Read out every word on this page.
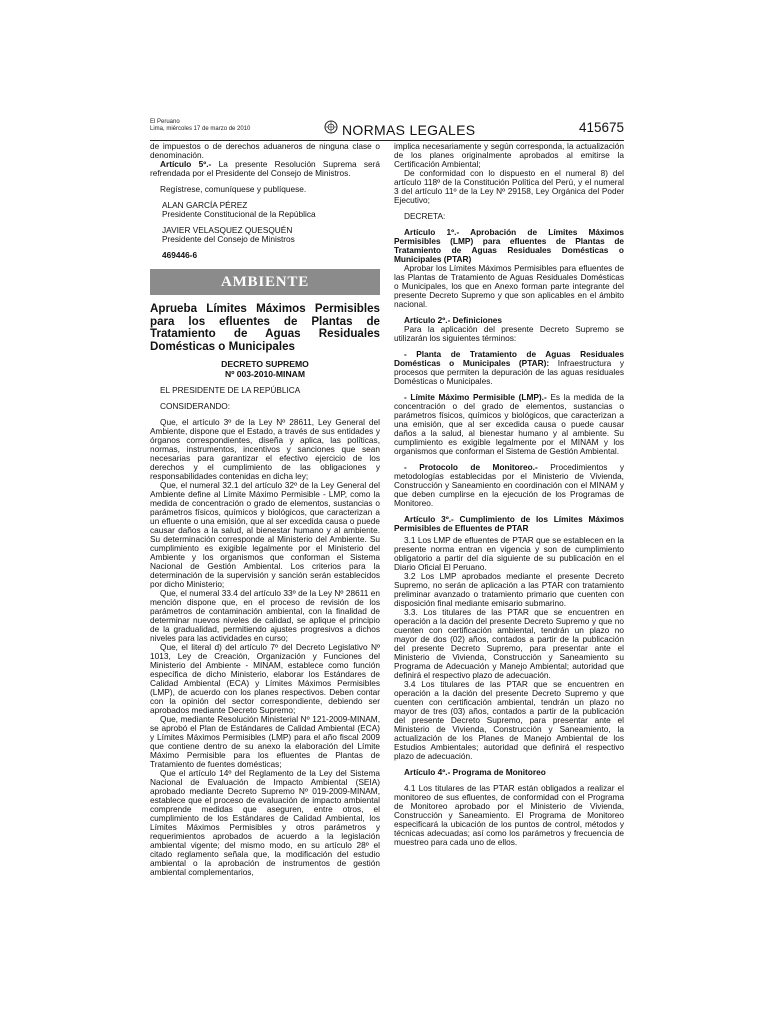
El Peruano
Lima, miércoles 17 de marzo de 2010	NORMAS LEGALES	415675

de impuestos o de derechos aduaneros de ninguna clase o denominación.

Artículo 5º.- La presente Resolución Suprema será refrendada por el Presidente del Consejo de Ministros.

Regístrese, comuníquese y publíquese.

ALAN GARCÍA PÉREZ

Presidente Constitucional de la República

JAVIER VELASQUEZ QUESQUÉN

Presidente del Consejo de Ministros

469446-6

AMBIENTE

Aprueba Límites Máximos Permisibles para los efluentes de Plantas de Tratamiento de Aguas Residuales Domésticas o Municipales

DECRETO SUPREMO

Nº 003-2010-MINAM

EL PRESIDENTE DE LA REPÚBLICA

CONSIDERANDO:

Que, el artículo 3º de la Ley Nº 28611, Ley General del Ambiente, dispone que el Estado, a través de sus entidades y órganos correspondientes, diseña y aplica, las políticas, normas, instrumentos, incentivos y sanciones que sean necesarias para garantizar el efectivo ejercicio de los derechos y el cumplimiento de las obligaciones y responsabilidades contenidas en dicha ley;

Que, el numeral 32.1 del artículo 32º de la Ley General del Ambiente define al Límite Máximo Permisible - LMP, como la medida de concentración o grado de elementos, sustancias o parámetros físicos, químicos y biológicos, que caracterizan a un efluente o una emisión, que al ser excedida causa o puede causar daños a la salud, al bienestar humano y al ambiente. Su determinación corresponde al Ministerio del Ambiente. Su cumplimiento es exigible legalmente por el Ministerio del Ambiente y los organismos que conforman el Sistema Nacional de Gestión Ambiental. Los criterios para la determinación de la supervisión y sanción serán establecidos por dicho Ministerio;

Que, el numeral 33.4 del artículo 33º de la Ley Nº 28611 en mención dispone que, en el proceso de revisión de los parámetros de contaminación ambiental, con la finalidad de determinar nuevos niveles de calidad, se aplique el principio de la gradualidad, permitiendo ajustes progresivos a dichos niveles para las actividades en curso;

Que, el literal d) del artículo 7º del Decreto Legislativo Nº 1013, Ley de Creación, Organización y Funciones del Ministerio del Ambiente - MINAM, establece como función específica de dicho Ministerio, elaborar los Estándares de Calidad Ambiental (ECA) y Límites Máximos Permisibles (LMP), de acuerdo con los planes respectivos. Deben contar con la opinión del sector correspondiente, debiendo ser aprobados mediante Decreto Supremo;

Que, mediante Resolución Ministerial Nº 121-2009-MINAM, se aprobó el Plan de Estándares de Calidad Ambiental (ECA) y Límites Máximos Permisibles (LMP) para el año fiscal 2009 que contiene dentro de su anexo la elaboración del Límite Máximo Permisible para los efluentes de Plantas de Tratamiento de fuentes domésticas;

Que el artículo 14º del Reglamento de la Ley del Sistema Nacional de Evaluación de Impacto Ambiental (SEIA) aprobado mediante Decreto Supremo Nº 019-2009-MINAM, establece que el proceso de evaluación de impacto ambiental comprende medidas que aseguren, entre otros, el cumplimiento de los Estándares de Calidad Ambiental, los Límites Máximos Permisibles y otros parámetros y requerimientos aprobados de acuerdo a la legislación ambiental vigente; del mismo modo, en su artículo 28º el citado reglamento señala que, la modificación del estudio ambiental o la aprobación de instrumentos de gestión ambiental complementarios,

implica necesariamente y según corresponda, la actualización de los planes originalmente aprobados al emitirse la Certificación Ambiental;

De conformidad con lo dispuesto en el numeral 8) del artículo 118º de la Constitución Política del Perú, y el numeral 3 del artículo 11º de la Ley Nº 29158, Ley Orgánica del Poder Ejecutivo;

DECRETA:

Artículo 1º.- Aprobación de Límites Máximos Permisibles (LMP) para efluentes de Plantas de Tratamiento de Aguas Residuales Domésticas o Municipales (PTAR)

Aprobar los Límites Máximos Permisibles para efluentes de las Plantas de Tratamiento de Aguas Residuales Domésticas o Municipales, los que en Anexo forman parte integrante del presente Decreto Supremo y que son aplicables en el ámbito nacional.

Artículo 2º.- Definiciones

Para la aplicación del presente Decreto Supremo se utilizarán los siguientes términos:

- Planta de Tratamiento de Aguas Residuales Domésticas o Municipales (PTAR): Infraestructura y procesos que permiten la depuración de las aguas residuales Domésticas o Municipales.

- Límite Máximo Permisible (LMP).- Es la medida de la concentración o del grado de elementos, sustancias o parámetros físicos, químicos y biológicos, que caracterizan a una emisión, que al ser excedida causa o puede causar daños a la salud, al bienestar humano y al ambiente. Su cumplimiento es exigible legalmente por el MINAM y los organismos que conforman el Sistema de Gestión Ambiental.

- Protocolo de Monitoreo.- Procedimientos y metodologías establecidas por el Ministerio de Vivienda, Construcción y Saneamiento en coordinación con el MINAM y que deben cumplirse en la ejecución de los Programas de Monitoreo.

Artículo 3º.- Cumplimiento de los Límites Máximos Permisibles de Efluentes de PTAR

3.1 Los LMP de efluentes de PTAR que se establecen en la presente norma entran en vigencia y son de cumplimiento obligatorio a partir del día siguiente de su publicación en el Diario Oficial El Peruano.

3.2 Los LMP aprobados mediante el presente Decreto Supremo, no serán de aplicación a las PTAR con tratamiento preliminar avanzado o tratamiento primario que cuenten con disposición final mediante emisario submarino.

3.3. Los titulares de las PTAR que se encuentren en operación a la dación del presente Decreto Supremo y que no cuenten con certificación ambiental, tendrán un plazo no mayor de dos (02) años, contados a partir de la publicación del presente Decreto Supremo, para presentar ante el Ministerio de Vivienda, Construcción y Saneamiento su Programa de Adecuación y Manejo Ambiental; autoridad que definirá el respectivo plazo de adecuación.

3.4 Los titulares de las PTAR que se encuentren en operación a la dación del presente Decreto Supremo y que cuenten con certificación ambiental, tendrán un plazo no mayor de tres (03) años, contados a partir de la publicación del presente Decreto Supremo, para presentar ante el Ministerio de Vivienda, Construcción y Saneamiento, la actualización de los Planes de Manejo Ambiental de los Estudios Ambientales; autoridad que definirá el respectivo plazo de adecuación.

Artículo 4º.- Programa de Monitoreo

4.1 Los titulares de las PTAR están obligados a realizar el monitoreo de sus efluentes, de conformidad con el Programa de Monitoreo aprobado por el Ministerio de Vivienda, Construcción y Saneamiento. El Programa de Monitoreo especificará la ubicación de los puntos de control, métodos y técnicas adecuadas; así como los parámetros y frecuencia de muestreo para cada uno de ellos.
